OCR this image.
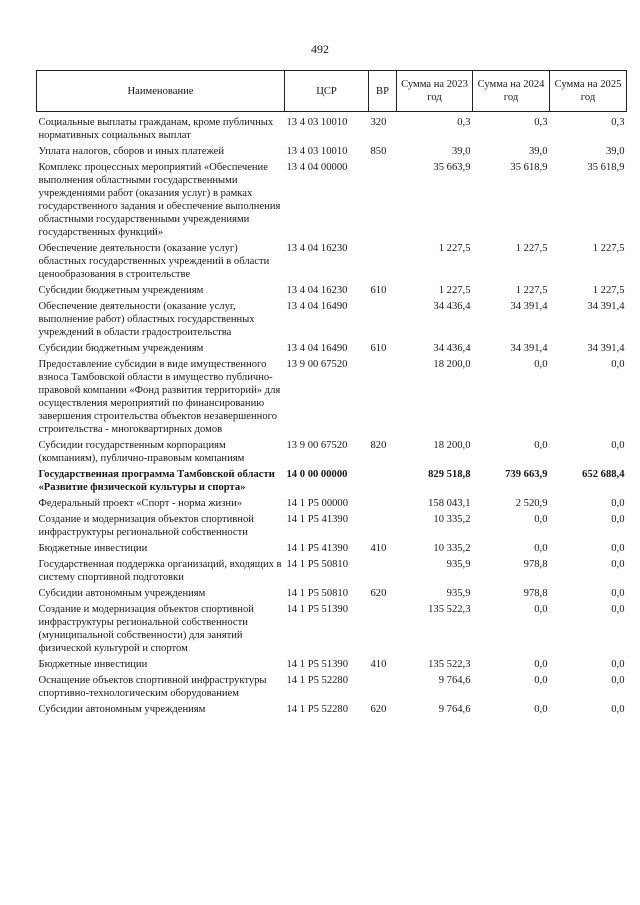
492
Наименование	ЦСР	ВР	Сумма на 2023 год	Сумма на 2024 год	Сумма на 2025 год
Социальные выплаты гражданам, кроме публичных нормативных социальных выплат	13 4 03 10010	320	0,3	0,3	0,3
Уплата налогов, сборов и иных платежей	13 4 03 10010	850	39,0	39,0	39,0
Комплекс процессных мероприятий «Обеспечение выполнения областными государственными учреждениями работ (оказания услуг) в рамках государственного задания и обеспечение выполнения областными государственными учреждениями государственных функций»	13 4 04 00000		35 663,9	35 618,9	35 618,9
Обеспечение деятельности (оказание услуг) областных государственных учреждений в области ценообразования в строительстве	13 4 04 16230		1 227,5	1 227,5	1 227,5
Субсидии бюджетным учреждениям	13 4 04 16230	610	1 227,5	1 227,5	1 227,5
Обеспечение деятельности (оказание услуг, выполнение работ) областных государственных учреждений в области градостроительства	13 4 04 16490		34 436,4	34 391,4	34 391,4
Субсидии бюджетным учреждениям	13 4 04 16490	610	34 436,4	34 391,4	34 391,4
Предоставление субсидии в виде имущественного взноса Тамбовской области в имущество публично-правовой компании «Фонд развития территорий» для осуществления мероприятий по финансированию завершения строительства объектов незавершенного строительства - многоквартирных домов	13 9 00 67520		18 200,0	0,0	0,0
Субсидии государственным корпорациям (компаниям), публично-правовым компаниям	13 9 00 67520	820	18 200,0	0,0	0,0
Государственная программа Тамбовской области «Развитие физической культуры и спорта»	14 0 00 00000		829 518,8	739 663,9	652 688,4
Федеральный проект «Спорт - норма жизни»	14 1 P5 00000		158 043,1	2 520,9	0,0
Создание и модернизация объектов спортивной инфраструктуры региональной собственности	14 1 P5 41390		10 335,2	0,0	0,0
Бюджетные инвестиции	14 1 P5 41390	410	10 335,2	0,0	0,0
Государственная поддержка организаций, входящих в систему спортивной подготовки	14 1 P5 50810		935,9	978,8	0,0
Субсидии автономным учреждениям	14 1 P5 50810	620	935,9	978,8	0,0
Создание и модернизация объектов спортивной инфраструктуры региональной собственности (муниципальной собственности) для занятий физической культурой и спортом	14 1 P5 51390		135 522,3	0,0	0,0
Бюджетные инвестиции	14 1 P5 51390	410	135 522,3	0,0	0,0
Оснащение объектов спортивной инфраструктуры спортивно-технологическим оборудованием	14 1 P5 52280		9 764,6	0,0	0,0
Субсидии автономным учреждениям	14 1 P5 52280	620	9 764,6	0,0	0,0
